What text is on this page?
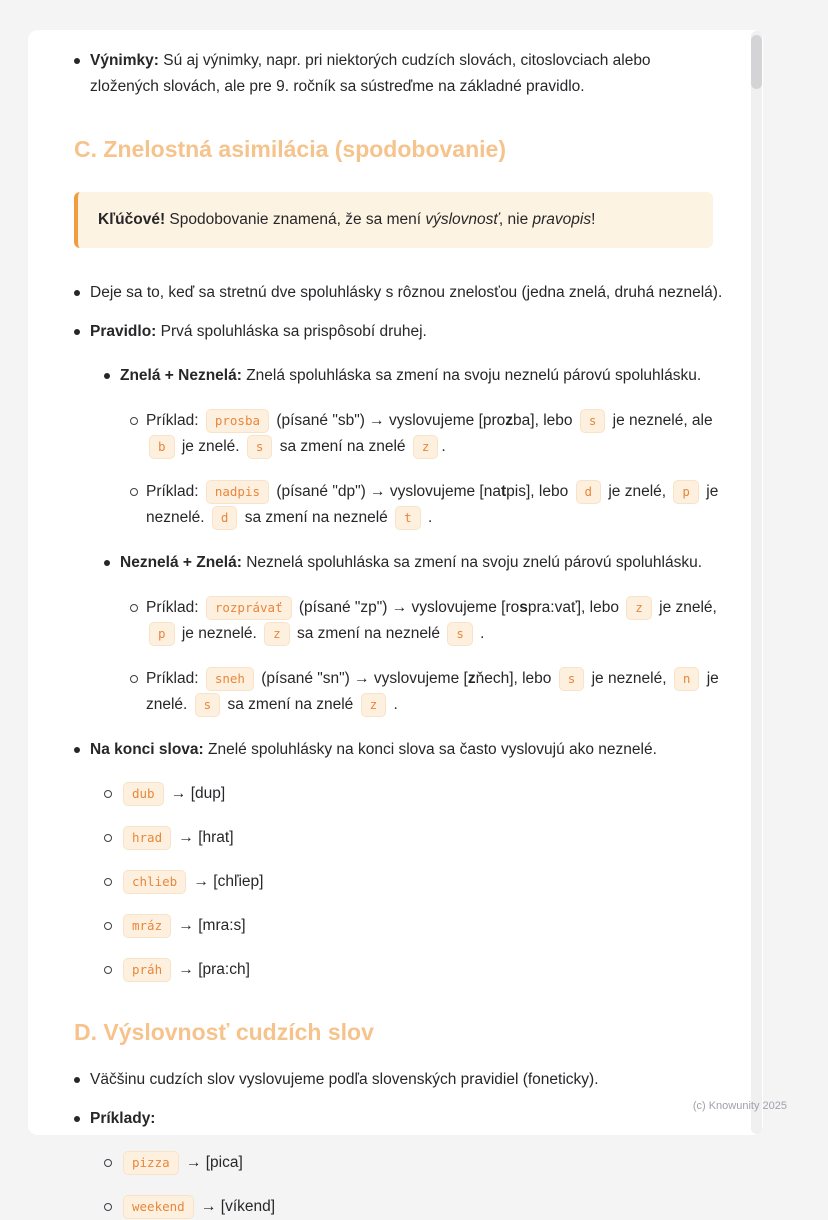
Výnimky: Sú aj výnimky, napr. pri niektorých cudzích slovách, citoslovciach alebo zložených slovách, ale pre 9. ročník sa sústreďme na základné pravidlo.
C. Znelostná asimilácia (spodobovanie)

Kľúčové! Spodobovanie znamená, že sa mení výslovnosť, nie pravopis!

Deje sa to, keď sa stretnú dve spoluhlásky s rôznou znelosťou (jedna znelá, druhá neznelá).
Pravidlo: Prvá spoluhláska sa prispôsobí druhej.
Znelá + Neznelá: Znelá spoluhláska sa zmení na svoju neznelú párovú spoluhlásku.
Príklad: prosba (písané "sb") → vyslovujeme [prozba], lebo s je neznelé, ale b je znelé. s sa zmení na znelé z .
Príklad: nadpis (písané "dp") → vyslovujeme [natpis], lebo d je znelé, p je neznelé. d sa zmení na neznelé t .
Neznelá + Znelá: Neznelá spoluhláska sa zmení na svoju znelú párovú spoluhlásku.
Príklad: rozprávať (písané "zp") → vyslovujeme [rospra:vať], lebo z je znelé, p je neznelé. z sa zmení na neznelé s .
Príklad: sneh (písané "sn") → vyslovujeme [zňech], lebo s je neznelé, n je znelé. s sa zmení na znelé z .
Na konci slova: Znelé spoluhlásky na konci slova sa často vyslovujú ako neznelé.
dub → [dup]
hrad → [hrat]
chlieb → [chľiep]
mráz → [mra:s]
práh → [pra:ch]
D. Výslovnosť cudzích slov
Väčšinu cudzích slov vyslovujeme podľa slovenských pravidiel (foneticky).
Príklady:
pizza → [pica]
weekend → [víkend]
(c) Knowunity 2025
